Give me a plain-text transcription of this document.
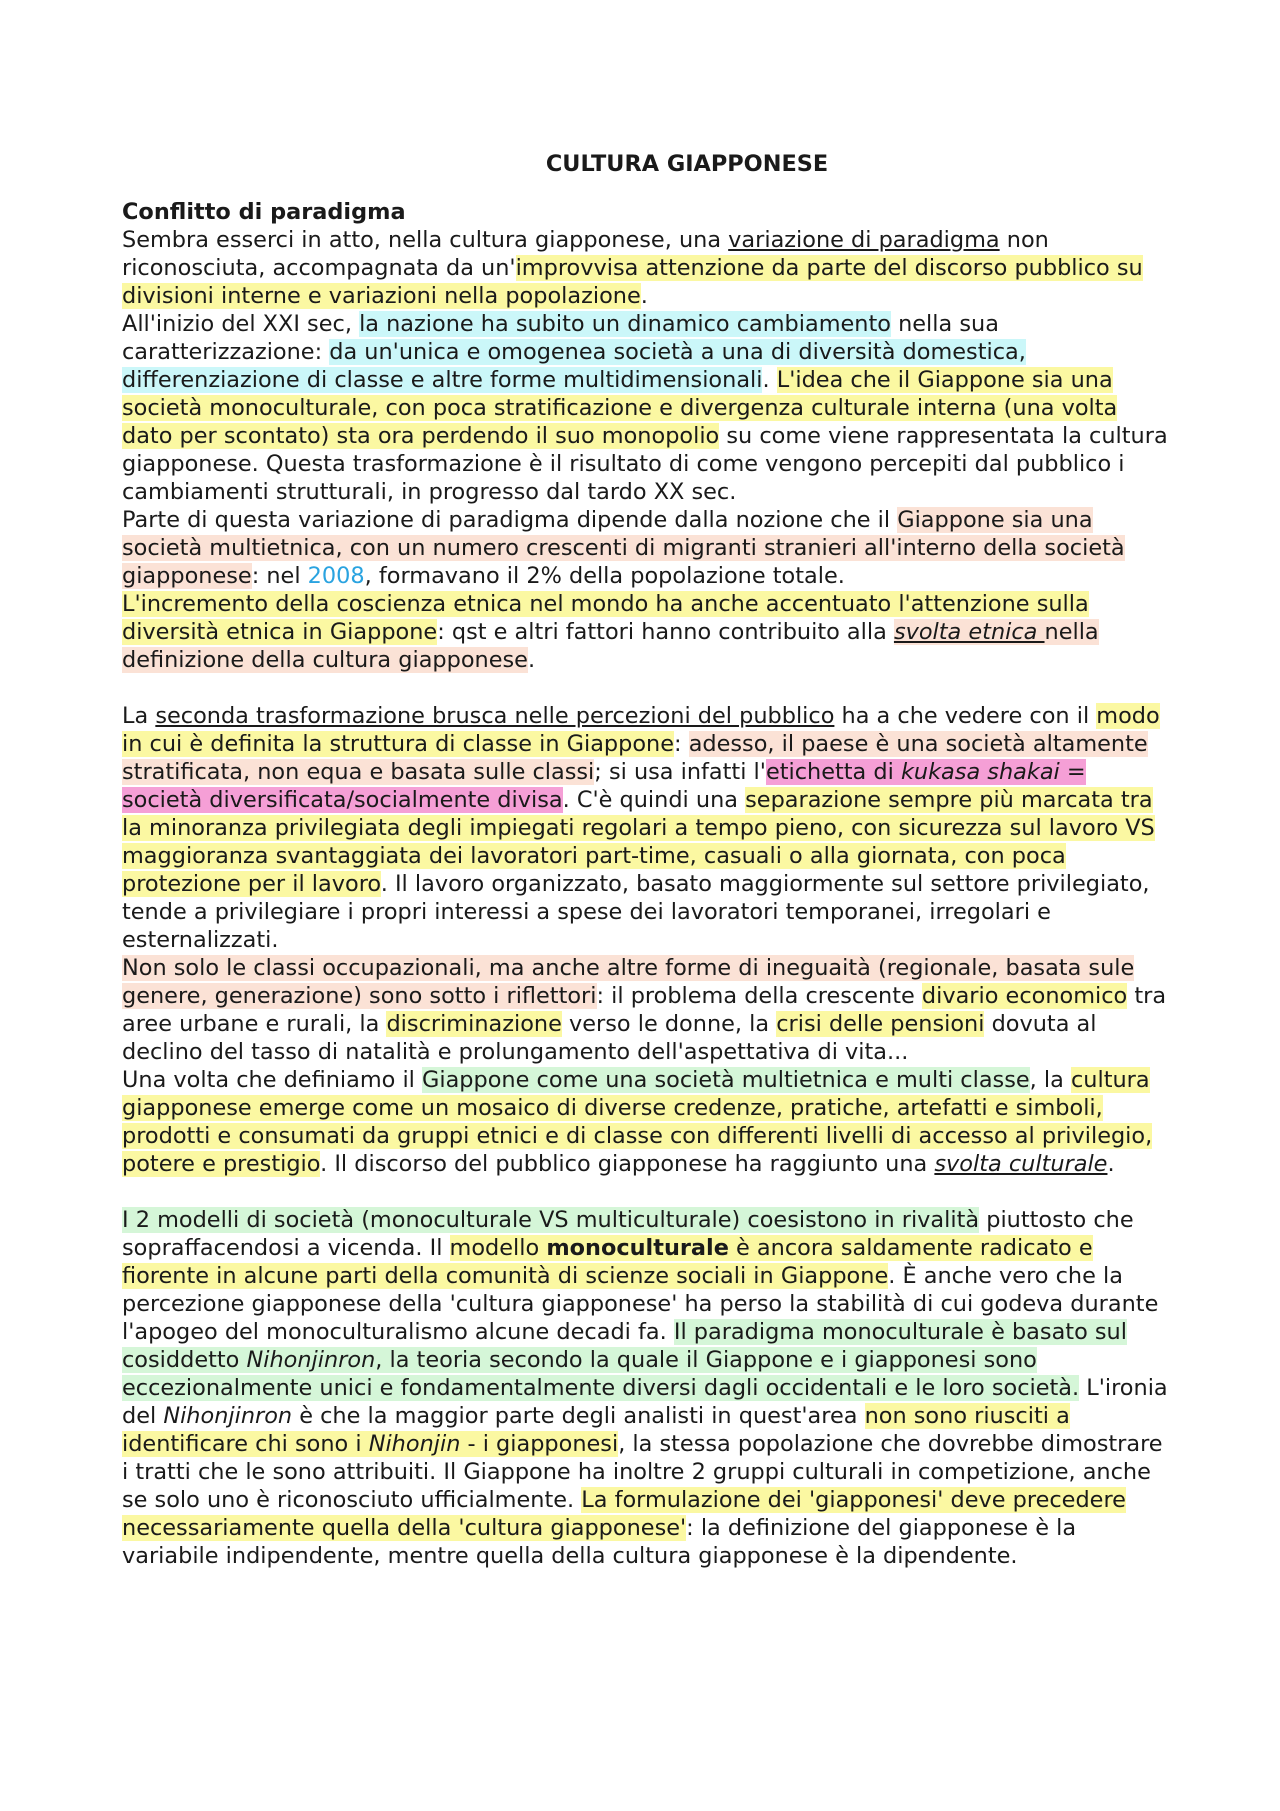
CULTURA GIAPPONESE

Conflitto di paradigma

Sembra esserci in atto, nella cultura giapponese, una variazione di paradigma non riconosciuta, accompagnata da un'improvvisa attenzione da parte del discorso pubblico su divisioni interne e variazioni nella popolazione.

All'inizio del XXI sec, la nazione ha subito un dinamico cambiamento nella sua caratterizzazione: da un'unica e omogenea società a una di diversità domestica, differenziazione di classe e altre forme multidimensionali. L'idea che il Giappone sia una società monoculturale, con poca stratificazione e divergenza culturale interna (una volta dato per scontato) sta ora perdendo il suo monopolio su come viene rappresentata la cultura giapponese. Questa trasformazione è il risultato di come vengono percepiti dal pubblico i cambiamenti strutturali, in progresso dal tardo XX sec.

Parte di questa variazione di paradigma dipende dalla nozione che il Giappone sia una società multietnica, con un numero crescenti di migranti stranieri all'interno della società giapponese: nel 2008, formavano il 2% della popolazione totale.

L'incremento della coscienza etnica nel mondo ha anche accentuato l'attenzione sulla diversità etnica in Giappone: qst e altri fattori hanno contribuito alla svolta etnica nella definizione della cultura giapponese.

La seconda trasformazione brusca nelle percezioni del pubblico ha a che vedere con il modo in cui è definita la struttura di classe in Giappone: adesso, il paese è una società altamente stratificata, non equa e basata sulle classi; si usa infatti l'etichetta di kukasa shakai = società diversificata/socialmente divisa. C'è quindi una separazione sempre più marcata tra la minoranza privilegiata degli impiegati regolari a tempo pieno, con sicurezza sul lavoro VS maggioranza svantaggiata dei lavoratori part-time, casuali o alla giornata, con poca protezione per il lavoro. Il lavoro organizzato, basato maggiormente sul settore privilegiato, tende a privilegiare i propri interessi a spese dei lavoratori temporanei, irregolari e esternalizzati.

Non solo le classi occupazionali, ma anche altre forme di ineguaità (regionale, basata sule genere, generazione) sono sotto i riflettori: il problema della crescente divario economico tra aree urbane e rurali, la discriminazione verso le donne, la crisi delle pensioni dovuta al declino del tasso di natalità e prolungamento dell'aspettativa di vita...

Una volta che definiamo il Giappone come una società multietnica e multi classe, la cultura giapponese emerge come un mosaico di diverse credenze, pratiche, artefatti e simboli, prodotti e consumati da gruppi etnici e di classe con differenti livelli di accesso al privilegio, potere e prestigio. Il discorso del pubblico giapponese ha raggiunto una svolta culturale.

I 2 modelli di società (monoculturale VS multiculturale) coesistono in rivalità piuttosto che sopraffacendosi a vicenda. Il modello monoculturale è ancora saldamente radicato e fiorente in alcune parti della comunità di scienze sociali in Giappone. È anche vero che la percezione giapponese della 'cultura giapponese' ha perso la stabilità di cui godeva durante l'apogeo del monoculturalismo alcune decadi fa. Il paradigma monoculturale è basato sul cosiddetto Nihonjinron, la teoria secondo la quale il Giappone e i giapponesi sono eccezionalmente unici e fondamentalmente diversi dagli occidentali e le loro società. L'ironia del Nihonjinron è che la maggior parte degli analisti in quest'area non sono riusciti a identificare chi sono i Nihonjin - i giapponesi, la stessa popolazione che dovrebbe dimostrare i tratti che le sono attribuiti. Il Giappone ha inoltre 2 gruppi culturali in competizione, anche se solo uno è riconosciuto ufficialmente. La formulazione dei 'giapponesi' deve precedere necessariamente quella della 'cultura giapponese': la definizione del giapponese è la variabile indipendente, mentre quella della cultura giapponese è la dipendente.
